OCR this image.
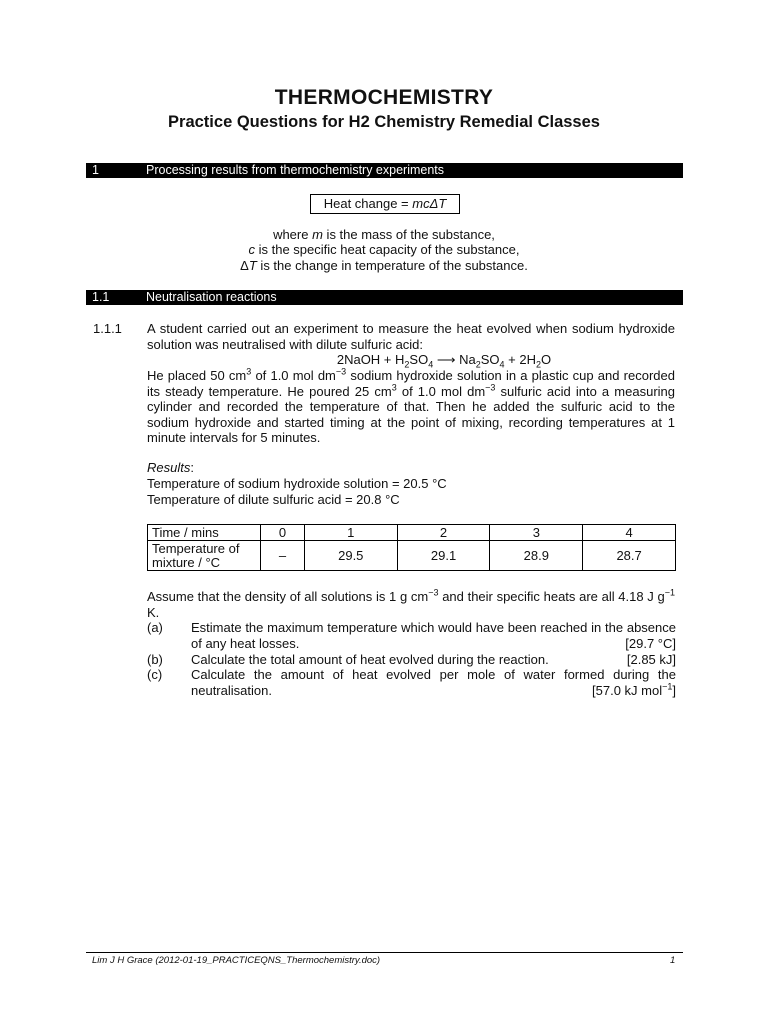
THERMOCHEMISTRY
Practice Questions for H2 Chemistry Remedial Classes
1	Processing results from thermochemistry experiments
Heat change = mcΔT
where m is the mass of the substance,
c is the specific heat capacity of the substance,
ΔT is the change in temperature of the substance.
1.1	Neutralisation reactions
1.1.1 A student carried out an experiment to measure the heat evolved when sodium hydroxide solution was neutralised with dilute sulfuric acid:
2NaOH + $H_2SO_4$ ⟶ $Na_2SO_4 + 2H_2O$
He placed 50 $cm^3$ of 1.0 mol $dm^{-3}$ sodium hydroxide solution in a plastic cup and recorded its steady temperature. He poured 25 $cm^3$ of 1.0 mol $dm^{-3}$ sulfuric acid into a measuring cylinder and recorded the temperature of that. Then he added the sulfuric acid to the sodium hydroxide and started timing at the point of mixing, recording temperatures at 1 minute intervals for 5 minutes.
Results:
Temperature of sodium hydroxide solution = 20.5 °C
Temperature of dilute sulfuric acid = 20.8 °C
Time / mins	0	1	2	3	4
Temperature of
mixture / °C	–	29.5	29.1	28.9	28.7
Assume that the density of all solutions is 1 g $cm^{-3}$ and their specific heats are all 4.18 J $g^{-1}$ K.
(a) Estimate the maximum temperature which would have been reached in the absence of any heat losses.	[29.7 °C]
(b) Calculate the total amount of heat evolved during the reaction.	[2.85 kJ]
(c) Calculate the amount of heat evolved per mole of water formed during the neutralisation.	[57.0 kJ mol$^{-1}$]
Lim J H Grace (2012-01-19_PRACTICEQNS_Thermochemistry.doc)	1
